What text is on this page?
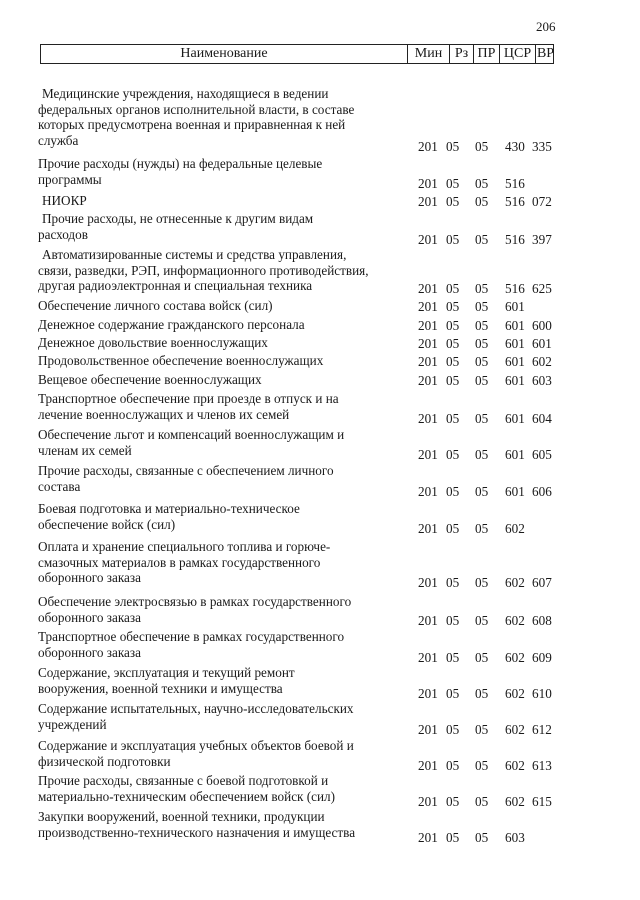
206
Наименование	Мин Рз ПР ЦСР ВР
Медицинские учреждения, находящиеся в ведении
федеральных органов исполнительной власти, в составе
которых предусмотрена военная и приравненная к ней
служба	201 05 05 430 335
Прочие расходы (нужды) на федеральные целевые
программы	201 05 05 516
НИОКР	201 05 05 516 072
Прочие расходы, не отнесенные к другим видам
расходов	201 05 05 516 397
Автоматизированные системы и средства управления,
связи, разведки, РЭП, информационного противодействия,
другая радиоэлектронная и специальная техника	201 05 05 516 625
Обеспечение личного состава войск (сил)	201 05 05 601
Денежное содержание гражданского персонала	201 05 05 601 600
Денежное довольствие военнослужащих	201 05 05 601 601
Продовольственное обеспечение военнослужащих	201 05 05 601 602
Вещевое обеспечение военнослужащих	201 05 05 601 603
Транспортное обеспечение при проезде в отпуск и на
лечение военнослужащих и членов их семей	201 05 05 601 604
Обеспечение льгот и компенсаций военнослужащим и
членам их семей	201 05 05 601 605
Прочие расходы, связанные с обеспечением личного
состава	201 05 05 601 606
Боевая подготовка и материально-техническое
обеспечение войск (сил)	201 05 05 602
Оплата и хранение специального топлива и горюче-
смазочных материалов в рамках государственного
оборонного заказа	201 05 05 602 607
Обеспечение электросвязью в рамках государственного
оборонного заказа	201 05 05 602 608
Транспортное обеспечение в рамках государственного
оборонного заказа	201 05 05 602 609
Содержание, эксплуатация и текущий ремонт
вооружения, военной техники и имущества	201 05 05 602 610
Содержание испытательных, научно-исследовательских
учреждений	201 05 05 602 612
Содержание и эксплуатация учебных объектов боевой и
физической подготовки	201 05 05 602 613
Прочие расходы, связанные с боевой подготовкой и
материально-техническим обеспечением войск (сил)	201 05 05 602 615
Закупки вооружений, военной техники, продукции
производственно-технического назначения и имущества	201 05 05 603
